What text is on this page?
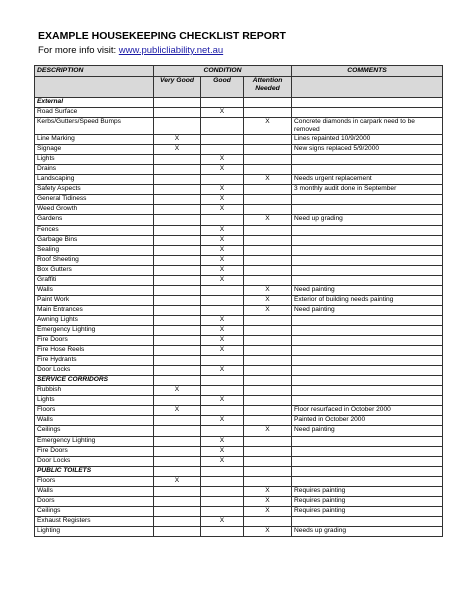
EXAMPLE HOUSEKEEPING CHECKLIST REPORT
For more info visit: www.publicliability.net.au
DESCRIPTION	CONDITION			COMMENTS
	Very Good	Good	Attention Needed	
External				
Road Surface		X		
Kerbs/Gutters/Speed Bumps			X	Concrete diamonds in carpark need to be removed
Line Marking	X			Lines repainted 10/9/2000
Signage	X			New signs replaced 5/9/2000
Lights		X		
Drains		X		
Landscaping			X	Needs urgent replacement
Safety Aspects		X		3 monthly audit done in September
General Tidiness		X		
Weed Growth		X		
Gardens			X	Need up grading
Fences		X		
Garbage Bins		X		
Sealing		X		
Roof Sheeting		X		
Box Gutters		X		
Graffiti		X		
Walls			X	Need painting
Paint Work			X	Exterior of building needs painting
Main Entrances			X	Need painting
Awning Lights		X		
Emergency Lighting		X		
Fire Doors		X		
Fire Hose Reels		X		
Fire Hydrants				
Door Locks		X		
SERVICE CORRIDORS				
Rubbish	X			
Lights		X		
Floors	X			Floor resurfaced in October 2000
Walls		X		Painted in October 2000
Ceilings			X	Need painting
Emergency Lighting		X		
Fire Doors		X		
Door Locks		X		
PUBLIC TOILETS				
Floors	X			
Walls			X	Requires painting
Doors			X	Requires painting
Ceilings			X	Requires painting
Exhaust Registers		X		
Lighting			X	Needs up grading
